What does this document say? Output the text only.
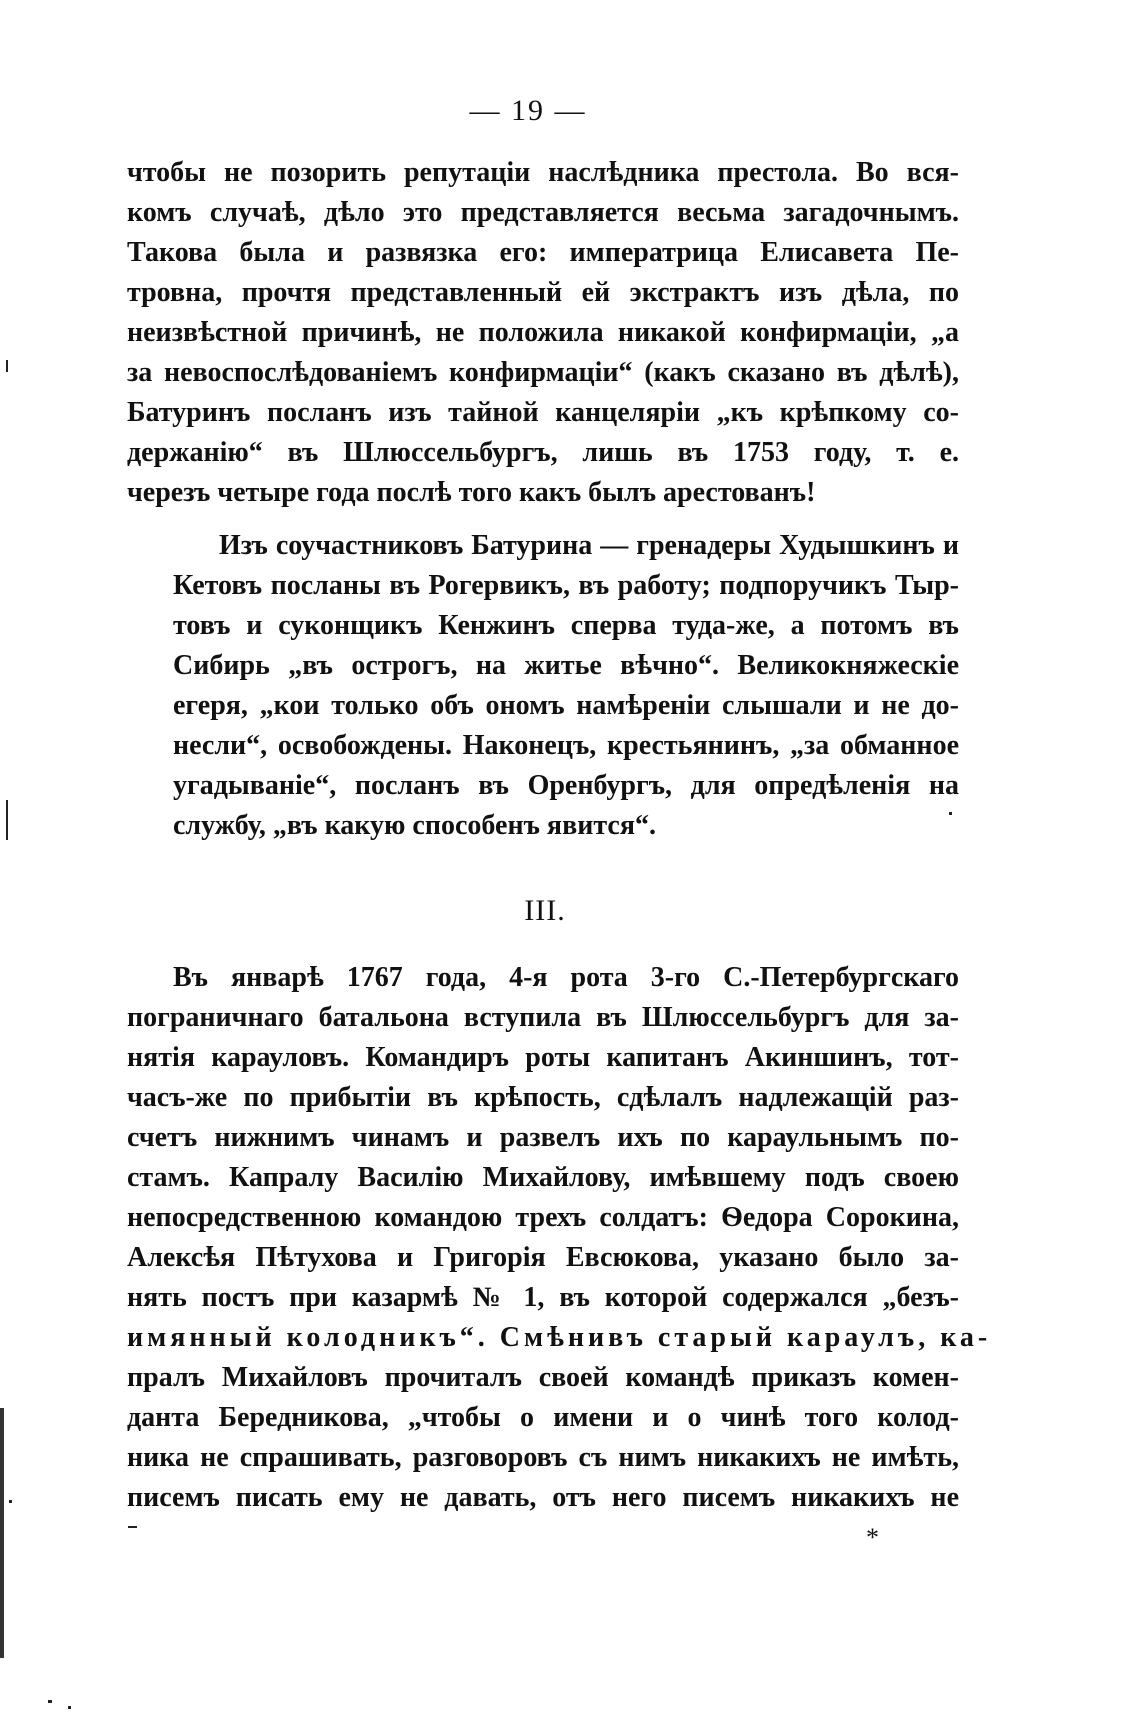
— 19 —

чтобы не позорить репутаціи наслѣдника престола. Во вся-
комъ случаѣ, дѣло это представляется весьма загадочнымъ.
Такова была и развязка его: императрица Елисавета Пе-
тровна, прочтя представленный ей экстрактъ изъ дѣла, по
неизвѣстной причинѣ, не положила никакой конфирмаціи, „а
за невоспослѣдованіемъ конфирмаціи“ (какъ сказано въ дѣлѣ),
Батуринъ посланъ изъ тайной канцеляріи „къ крѣпкому со-
держанію“ въ Шлюссельбургъ, лишь въ 1753 году, т. е.
черезъ четыре года послѣ того какъ былъ арестованъ!

Изъ соучастниковъ Батурина — гренадеры Худышкинъ и
Кетовъ посланы въ Рогервикъ, въ работу; подпоручикъ Тыр-
товъ и суконщикъ Кенжинъ сперва туда-же, а потомъ въ
Сибирь „въ острогъ, на житье вѣчно“. Великокняжескіе
егеря, „кои только объ ономъ намѣреніи слышали и не до-
несли“, освобождены. Наконецъ, крестьянинъ, „за обманное
угадываніе“, посланъ въ Оренбургъ, для опредѣленія на
службу, „въ какую способенъ явится“.

III.

Въ январѣ 1767 года, 4-я рота 3-го С.-Петербургскаго
пограничнаго батальона вступила въ Шлюссельбургъ для за-
нятія карауловъ. Командиръ роты капитанъ Акиншинъ, тот-
часъ-же по прибытіи въ крѣпость, сдѣлалъ надлежащій раз-
счетъ нижнимъ чинамъ и развелъ ихъ по караульнымъ по-
стамъ. Капралу Василію Михайлову, имѣвшему подъ своею
непосредственною командою трехъ солдатъ: Ѳедора Сорокина,
Алексѣя Пѣтухова и Григорія Евсюкова, указано было за-
нять постъ при казармѣ № 1, въ которой содержался „безъ-
имянный колодникъ“. Смѣнивъ старый караулъ, ка-
пралъ Михайловъ прочиталъ своей командѣ приказъ комен-
данта Бередникова, „чтобы о имени и о чинѣ того колод-
ника не спрашивать, разговоровъ съ нимъ никакихъ не имѣть,
писемъ писать ему не давать, отъ него писемъ никакихъ не

*
